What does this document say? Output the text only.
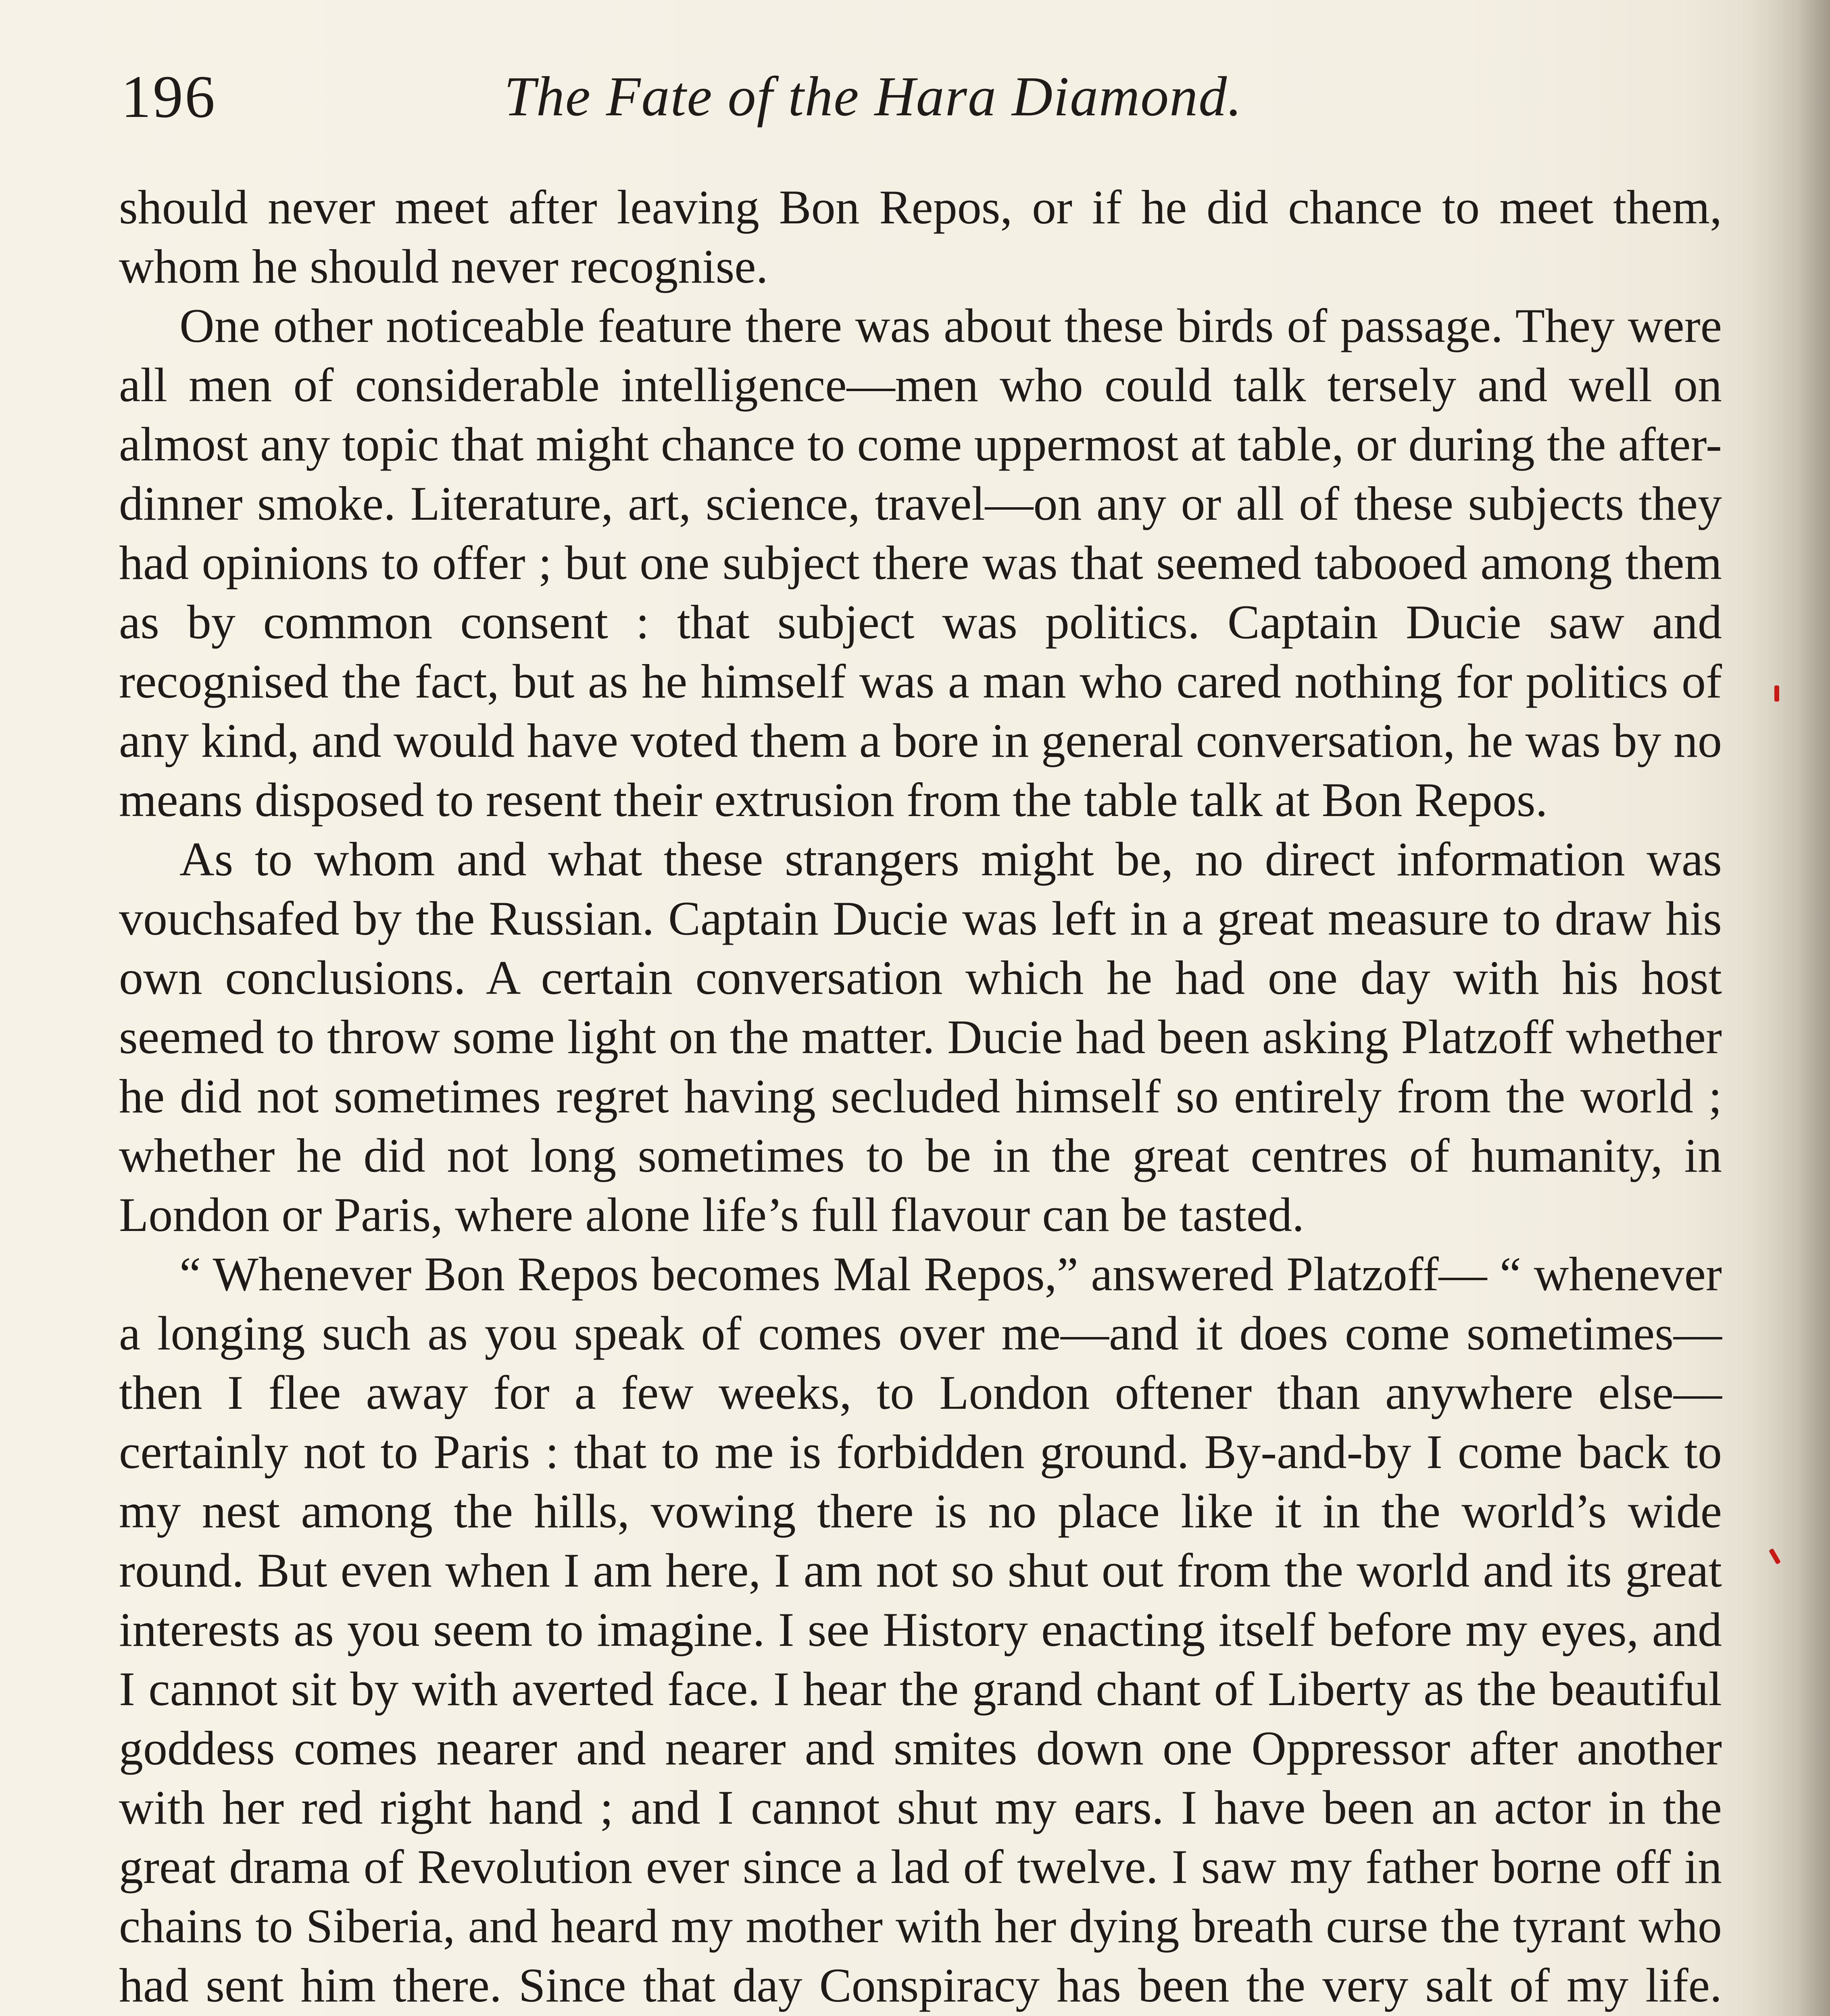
196	The Fate of the Hara Diamond.

should never meet after leaving Bon Repos, or if he did chance to meet them, whom he should never recognise.

One other noticeable feature there was about these birds of passage. They were all men of considerable intelligence—men who could talk tersely and well on almost any topic that might chance to come uppermost at table, or during the after-dinner smoke. Literature, art, science, travel—on any or all of these subjects they had opinions to offer ; but one subject there was that seemed tabooed among them as by common consent : that subject was politics. Captain Ducie saw and recognised the fact, but as he himself was a man who cared nothing for politics of any kind, and would have voted them a bore in general conversation, he was by no means disposed to resent their extrusion from the table talk at Bon Repos.

As to whom and what these strangers might be, no direct information was vouchsafed by the Russian. Captain Ducie was left in a great measure to draw his own conclusions. A certain conversation which he had one day with his host seemed to throw some light on the matter. Ducie had been asking Platzoff whether he did not sometimes regret having secluded himself so entirely from the world ; whether he did not long sometimes to be in the great centres of humanity, in London or Paris, where alone life’s full flavour can be tasted.

“ Whenever Bon Repos becomes Mal Repos,” answered Platzoff— “ whenever a longing such as you speak of comes over me—and it does come sometimes—then I flee away for a few weeks, to London oftener than anywhere else—certainly not to Paris : that to me is forbidden ground. By-and-by I come back to my nest among the hills, vowing there is no place like it in the world’s wide round. But even when I am here, I am not so shut out from the world and its great interests as you seem to imagine. I see History enacting itself before my eyes, and I cannot sit by with averted face. I hear the grand chant of Liberty as the beautiful goddess comes nearer and nearer and smites down one Oppressor after another with her red right hand ; and I cannot shut my ears. I have been an actor in the great drama of Revolution ever since a lad of twelve. I saw my father borne off in chains to Siberia, and heard my mother with her dying breath curse the tyrant who had sent him there. Since that day Conspiracy has been the very salt of my life.
